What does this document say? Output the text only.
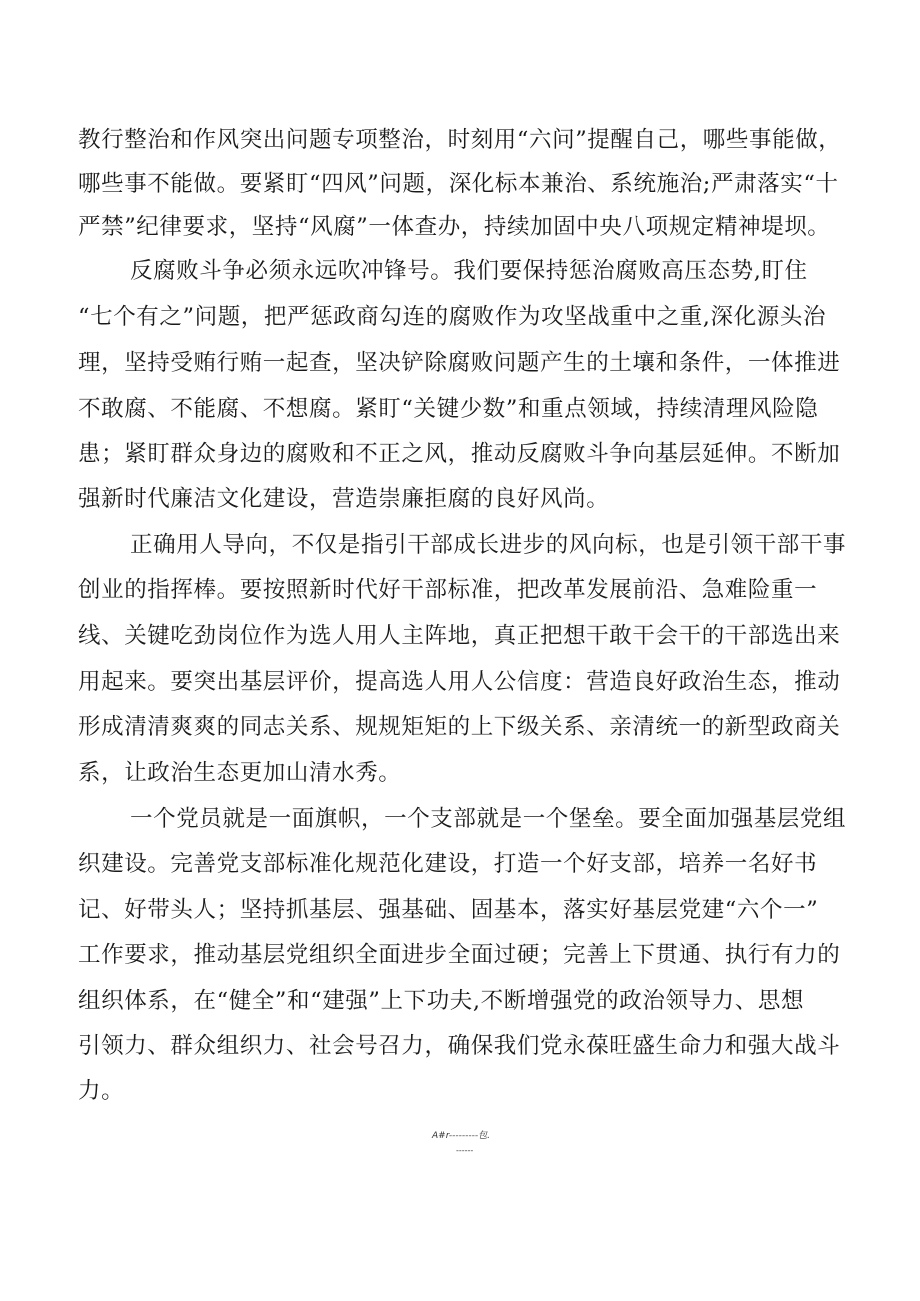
教行整治和作风突出问题专项整治，时刻用“六问”提醒自己，哪些事能做，
哪些事不能做。要紧盯“四风”问题，深化标本兼治、系统施治;严肃落实“十
严禁”纪律要求，坚持“风腐”一体查办，持续加固中央八项规定精神堤坝。
反腐败斗争必须永远吹冲锋号。我们要保持惩治腐败高压态势,盯住
“七个有之”问题，把严惩政商勾连的腐败作为攻坚战重中之重,深化源头治
理，坚持受贿行贿一起查，坚决铲除腐败问题产生的土壤和条件，一体推进
不敢腐、不能腐、不想腐。紧盯“关键少数”和重点领域，持续清理风险隐
患；紧盯群众身边的腐败和不正之风，推动反腐败斗争向基层延伸。不断加
强新时代廉洁文化建设，营造崇廉拒腐的良好风尚。
正确用人导向，不仅是指引干部成长进步的风向标，也是引领干部干事
创业的指挥棒。要按照新时代好干部标准，把改革发展前沿、急难险重一
线、关键吃劲岗位作为选人用人主阵地，真正把想干敢干会干的干部选出来
用起来。要突出基层评价，提高选人用人公信度：营造良好政治生态，推动
形成清清爽爽的同志关系、规规矩矩的上下级关系、亲清统一的新型政商关
系，让政治生态更加山清水秀。
一个党员就是一面旗帜，一个支部就是一个堡垒。要全面加强基层党组
织建设。完善党支部标准化规范化建设，打造一个好支部，培养一名好书
记、好带头人；坚持抓基层、强基础、固基本，落实好基层党建“六个一”
工作要求，推动基层党组织全面进步全面过硬；完善上下贯通、执行有力的
组织体系，在“健全”和“建强”上下功夫,不断增强党的政治领导力、思想
引领力、群众组织力、社会号召力，确保我们党永葆旺盛生命力和强大战斗
力。
A#r---------包.
------
